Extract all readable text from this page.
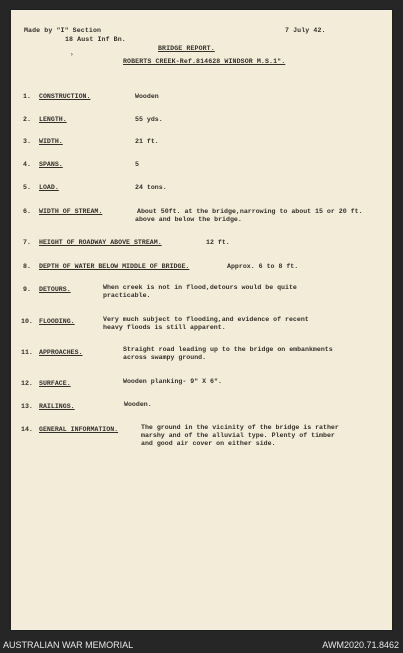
Made by "I" Section
18 Aust Inf Bn.
7 July 42.
›
BRIDGE REPORT.
ROBERTS CREEK-Ref.814628 WINDSOR M.S.1".
1. CONSTRUCTION.	Wooden
2. LENGTH.	55 yds.
3. WIDTH.	21 ft.
4. SPANS.	5
5. LOAD.	24 tons.
6. WIDTH OF STREAM.	About 50ft. at the bridge,narrowing to about 15 or 20 ft.
above and below the bridge.
7. HEIGHT OF ROADWAY ABOVE STREAM.	12 ft.
8. DEPTH OF WATER BELOW MIDDLE OF BRIDGE.	Approx. 6 to 8 ft.
9. DETOURS.	When creek is not in flood,detours would be quite
practicable.
10. FLOODING.	Very much subject to flooding,and evidence of recent
heavy floods is still apparent.
11. APPROACHES.	Straight road leading up to the bridge on embankments
across swampy ground.
12. SURFACE.	Wooden planking- 9" X 6".
13. RAILINGS.	Wooden.
14. GENERAL INFORMATION.	The ground in the vicinity of the bridge is rather
marshy and of the alluvial type. Plenty of timber
and good air cover on either side.
AUSTRALIAN WAR MEMORIAL	AWM2020.71.8462
